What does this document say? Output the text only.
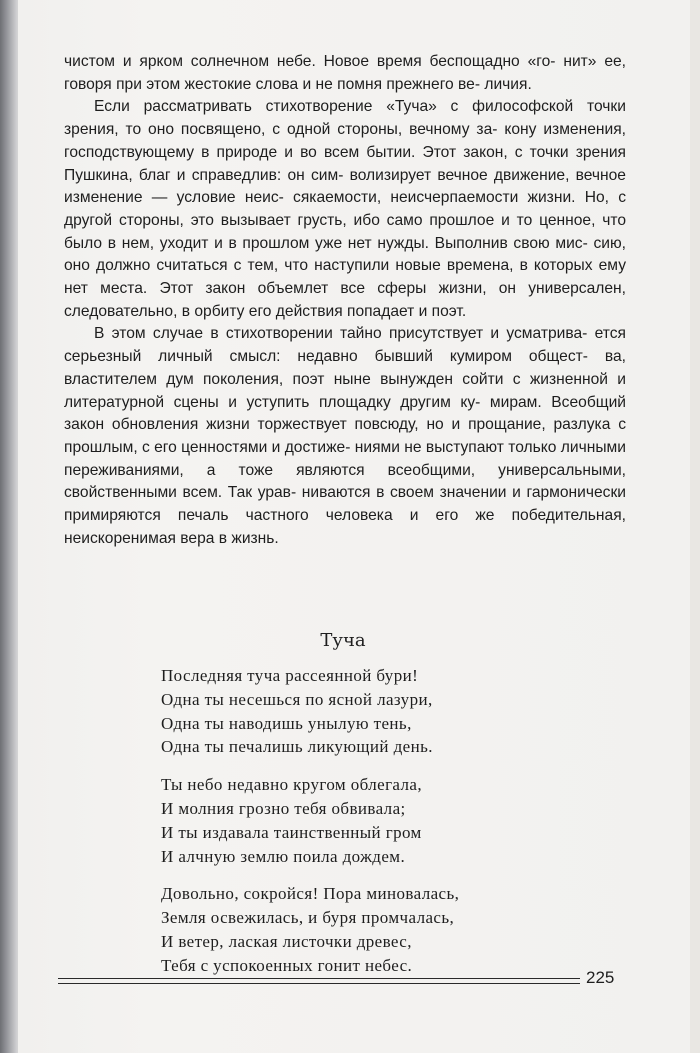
чистом и ярком солнечном небе. Новое время беспощадно «го- нит» ее, говоря при этом жестокие слова и не помня прежнего ве- личия.

Если рассматривать стихотворение «Туча» с философской точки зрения, то оно посвящено, с одной стороны, вечному за- кону изменения, господствующему в природе и во всем бытии. Этот закон, с точки зрения Пушкина, благ и справедлив: он сим- волизирует вечное движение, вечное изменение — условие неис- сякаемости, неисчерпаемости жизни. Но, с другой стороны, это вызывает грусть, ибо само прошлое и то ценное, что было в нем, уходит и в прошлом уже нет нужды. Выполнив свою мис- сию, оно должно считаться с тем, что наступили новые времена, в которых ему нет места. Этот закон объемлет все сферы жизни, он универсален, следовательно, в орбиту его действия попадает и поэт.

В этом случае в стихотворении тайно присутствует и усматрива- ется серьезный личный смысл: недавно бывший кумиром общест- ва, властителем дум поколения, поэт ныне вынужден сойти с жизненной и литературной сцены и уступить площадку другим ку- мирам. Всеобщий закон обновления жизни торжествует повсюду, но и прощание, разлука с прошлым, с его ценностями и достиже- ниями не выступают только личными переживаниями, а тоже являются всеобщими, универсальными, свойственными всем. Так урав- ниваются в своем значении и гармонически примиряются печаль частного человека и его же победительная, неискоренимая вера в жизнь.

Туча
Последняя туча рассеянной бури!
Одна ты несешься по ясной лазури,
Одна ты наводишь унылую тень,
Одна ты печалишь ликующий день.
Ты небо недавно кругом облегала,
И молния грозно тебя обвивала;
И ты издавала таинственный гром
И алчную землю поила дождем.
Довольно, сокройся! Пора миновалась,
Земля освежилась, и буря промчалась,
И ветер, лаская листочки древес,
Тебя с успокоенных гонит небес.
225
